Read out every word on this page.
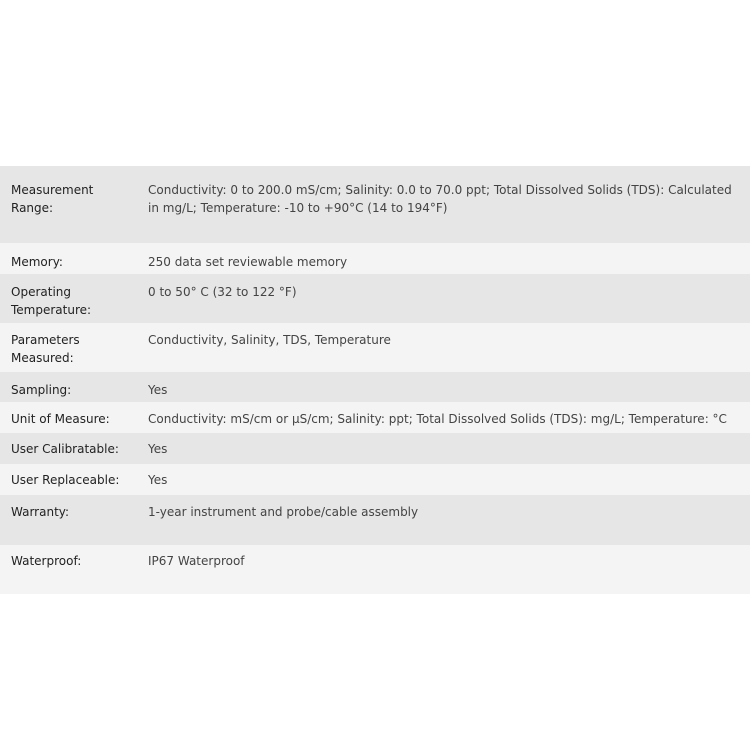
Measurement Range:	Conductivity: 0 to 200.0 mS/cm; Salinity: 0.0 to 70.0 ppt; Total Dissolved Solids (TDS): Calculated in mg/L; Temperature: -10 to +90°C (14 to 194°F)
Memory:	250 data set reviewable memory
Operating Temperature:	0 to 50° C (32 to 122 °F)
Parameters Measured:	Conductivity, Salinity, TDS, Temperature
Sampling:	Yes
Unit of Measure:	Conductivity: mS/cm or µS/cm; Salinity: ppt; Total Dissolved Solids (TDS): mg/L; Temperature: °C
User Calibratable:	Yes
User Replaceable:	Yes
Warranty:	1-year instrument and probe/cable assembly
Waterproof:	IP67 Waterproof
